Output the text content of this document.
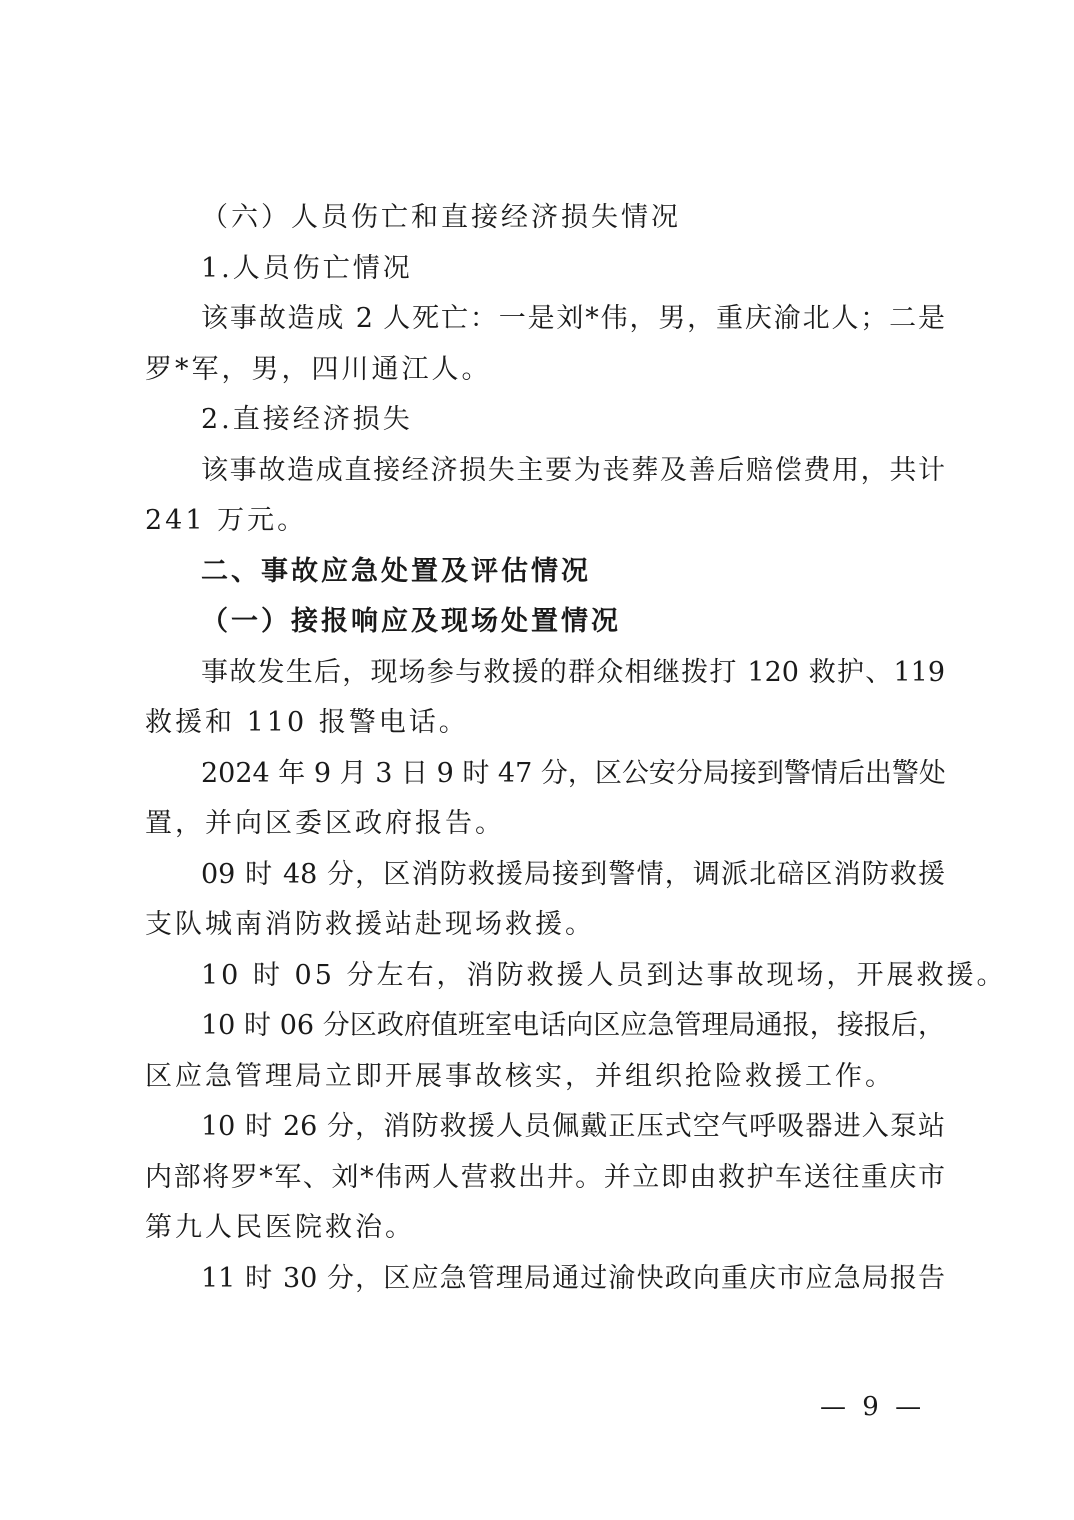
（六）人员伤亡和直接经济损失情况
1.人员伤亡情况
该事故造成 2 人死亡：一是刘*伟，男，重庆渝北人；二是
罗*军，男，四川通江人。
2.直接经济损失
该事故造成直接经济损失主要为丧葬及善后赔偿费用，共计
241 万元。
二、事故应急处置及评估情况
（一）接报响应及现场处置情况
事故发生后，现场参与救援的群众相继拨打 120 救护、119
救援和 110 报警电话。
2024 年 9 月 3 日 9 时 47 分，区公安分局接到警情后出警处
置，并向区委区政府报告。
09 时 48 分，区消防救援局接到警情，调派北碚区消防救援
支队城南消防救援站赴现场救援。
10 时 05 分左右，消防救援人员到达事故现场，开展救援。
10 时 06 分区政府值班室电话向区应急管理局通报，接报后，
区应急管理局立即开展事故核实，并组织抢险救援工作。
10 时 26 分，消防救援人员佩戴正压式空气呼吸器进入泵站
内部将罗*军、刘*伟两人营救出井。并立即由救护车送往重庆市
第九人民医院救治。
11 时 30 分，区应急管理局通过渝快政向重庆市应急局报告
— 9 —
